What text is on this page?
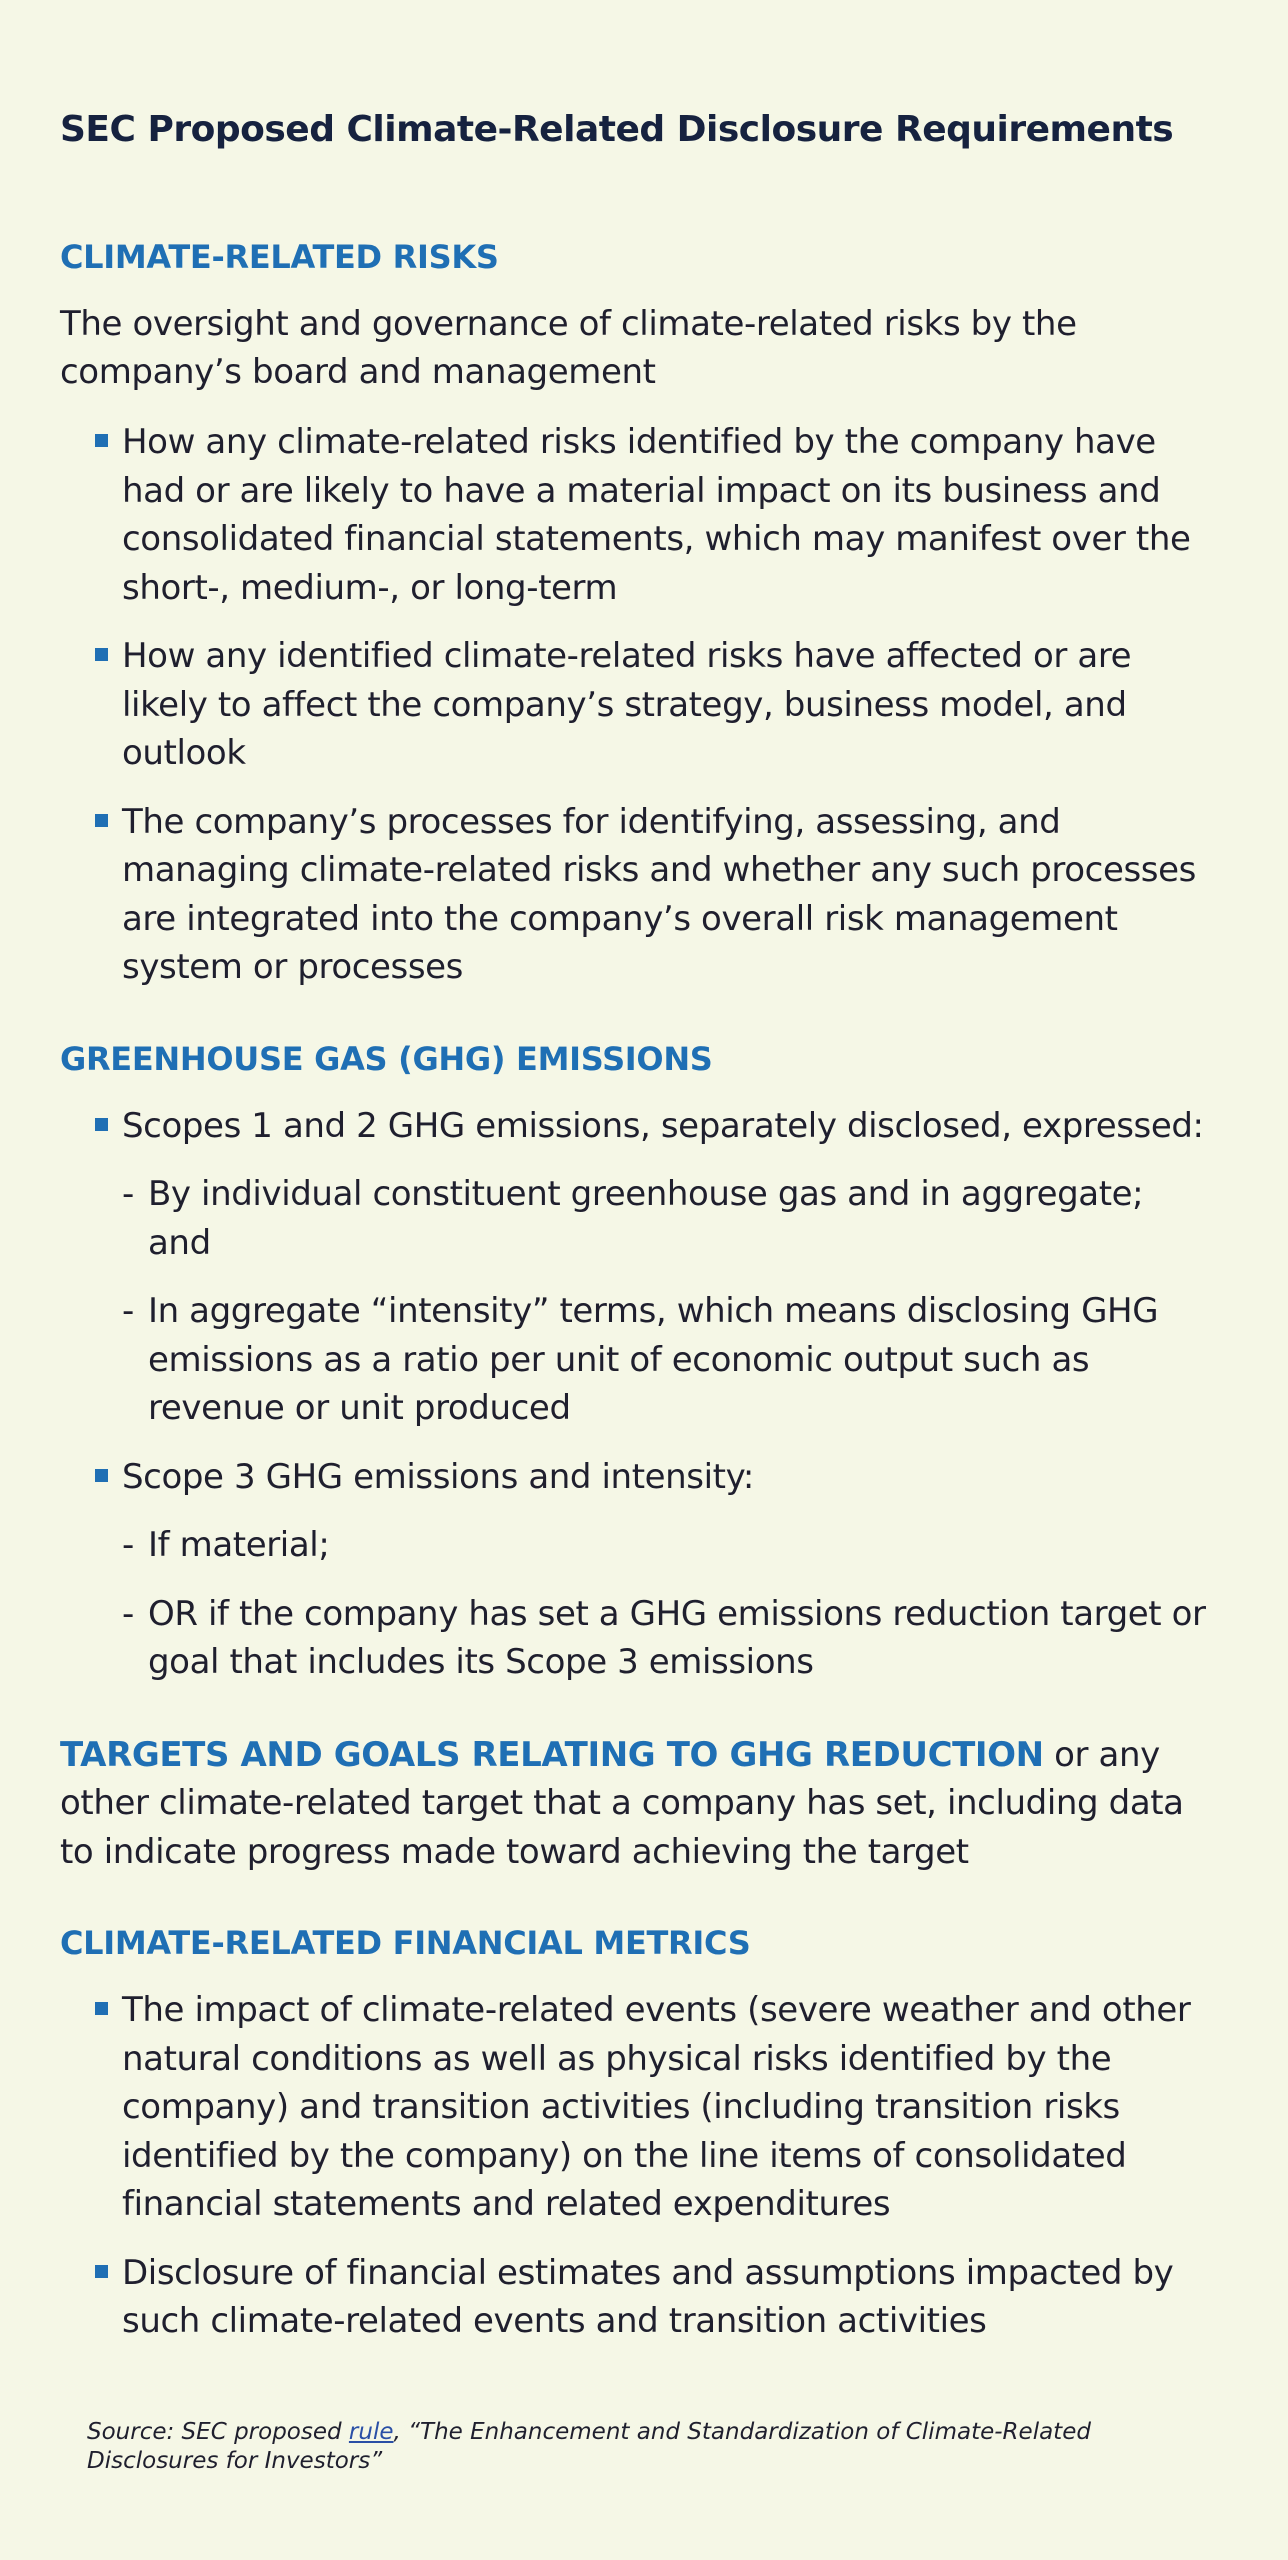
SEC Proposed Climate-Related Disclosure Requirements
CLIMATE-RELATED RISKS

The oversight and governance of climate-related risks by the company’s board and management

How any climate-related risks identified by the company have had or are likely to have a material impact on its business and consolidated financial statements, which may manifest over the short-, medium-, or long-term
How any identified climate-related risks have affected or are likely to affect the company’s strategy, business model, and outlook
The company’s processes for identifying, assessing, and managing climate-related risks and whether any such processes are integrated into the company’s overall risk management system or processes
GREENHOUSE GAS (GHG) EMISSIONS
Scopes 1 and 2 GHG emissions, separately disclosed, expressed:
- By individual constituent greenhouse gas and in aggregate; and
- In aggregate “intensity” terms, which means disclosing GHG emissions as a ratio per unit of economic output such as revenue or unit produced
Scope 3 GHG emissions and intensity:
- If material;
- OR if the company has set a GHG emissions reduction target or goal that includes its Scope 3 emissions

TARGETS AND GOALS RELATING TO GHG REDUCTION or any other climate-related target that a company has set, including data to indicate progress made toward achieving the target

CLIMATE-RELATED FINANCIAL METRICS
The impact of climate-related events (severe weather and other natural conditions as well as physical risks identified by the company) and transition activities (including transition risks identified by the company) on the line items of consolidated financial statements and related expenditures
Disclosure of financial estimates and assumptions impacted by such climate-related events and transition activities
Source: SEC proposed rule, “The Enhancement and Standardization of Climate-Related Disclosures for Investors”
